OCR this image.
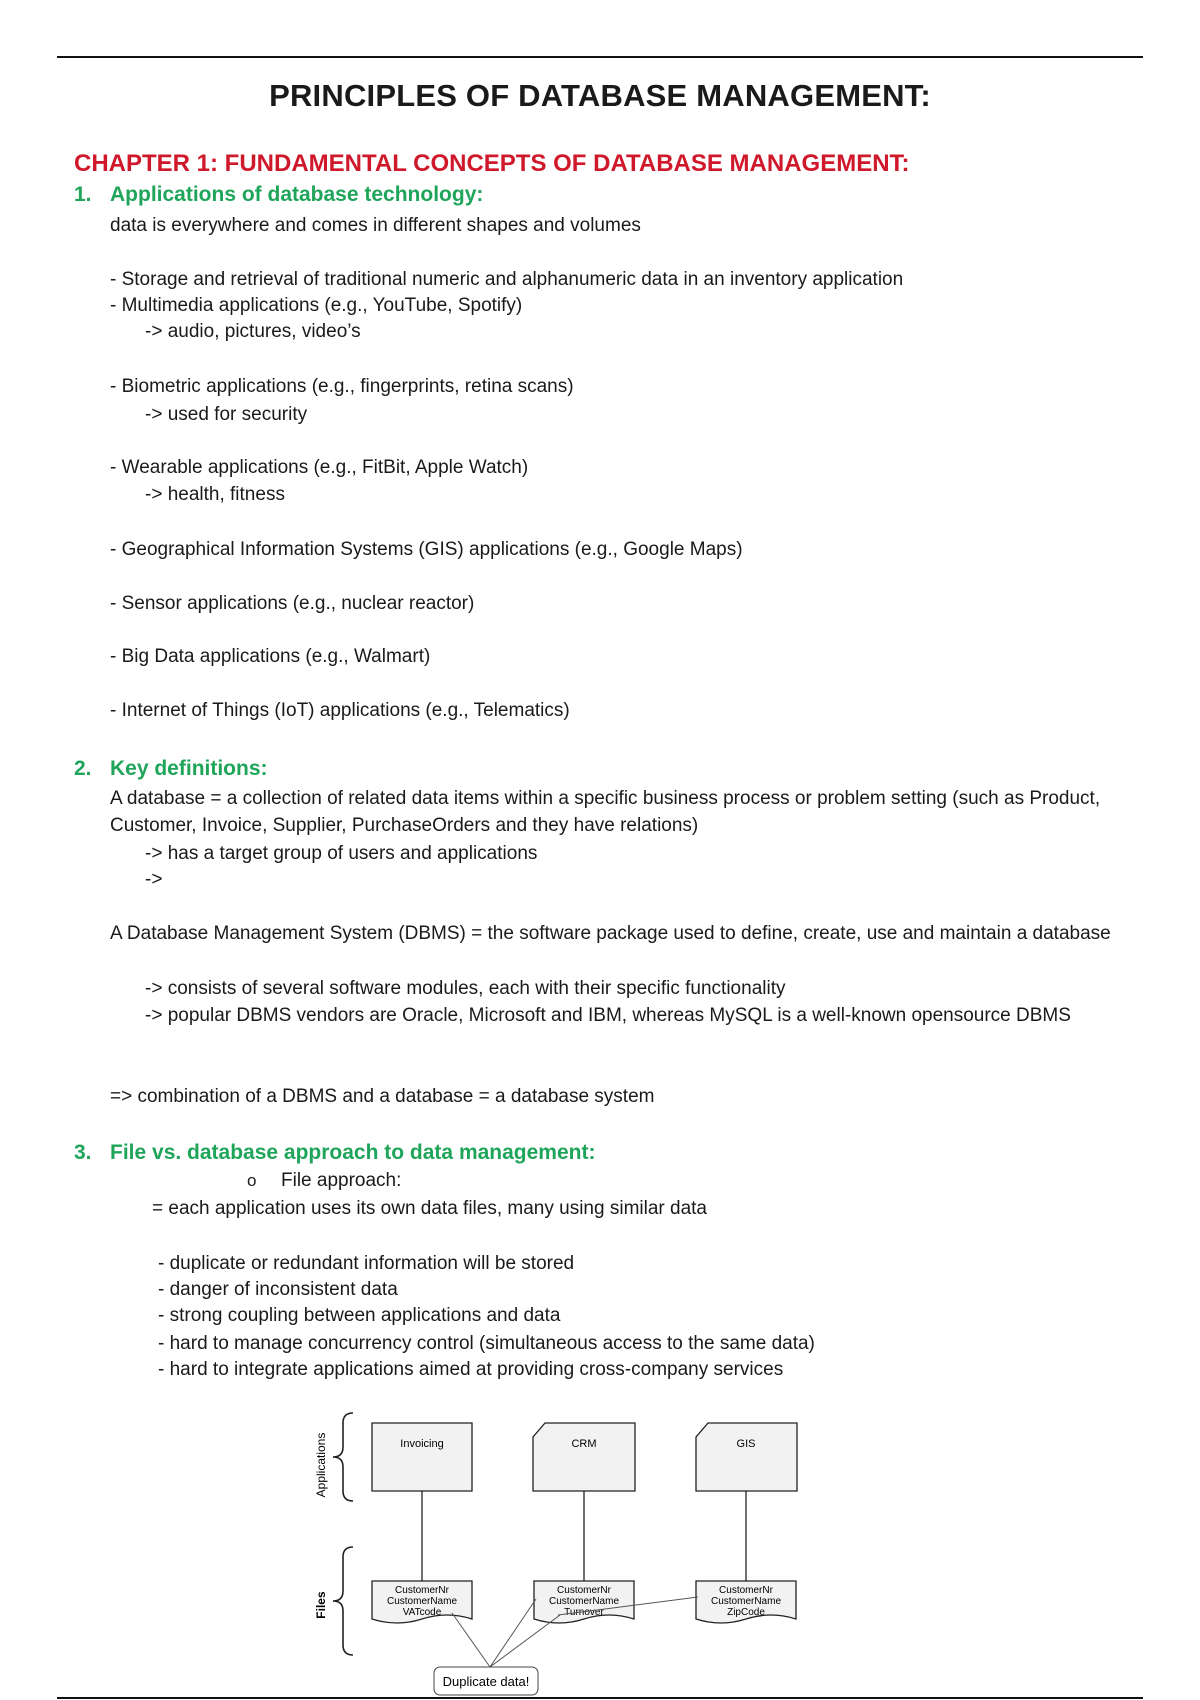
PRINCIPLES OF DATABASE MANAGEMENT:
CHAPTER 1: FUNDAMENTAL CONCEPTS OF DATABASE MANAGEMENT:
1. Applications of database technology:
data is everywhere and comes in different shapes and volumes
- Storage and retrieval of traditional numeric and alphanumeric data in an inventory application
- Multimedia applications (e.g., YouTube, Spotify)
-> audio, pictures, video’s
- Biometric applications (e.g., fingerprints, retina scans)
-> used for security
- Wearable applications (e.g., FitBit, Apple Watch)
-> health, fitness
- Geographical Information Systems (GIS) applications (e.g., Google Maps)
- Sensor applications (e.g., nuclear reactor)
- Big Data applications (e.g., Walmart)
- Internet of Things (IoT) applications (e.g., Telematics)
2. Key definitions:
A database = a collection of related data items within a specific business process or problem setting (such as Product, Customer, Invoice, Supplier, PurchaseOrders and they have relations)
-> has a target group of users and applications
->
A Database Management System (DBMS) = the software package used to define, create, use and maintain a database
-> consists of several software modules, each with their specific functionality
-> popular DBMS vendors are Oracle, Microsoft and IBM, whereas MySQL is a well-known opensource DBMS
=> combination of a DBMS and a database = a database system
3. File vs. database approach to data management:
o File approach:
= each application uses its own data files, many using similar data
- duplicate or redundant information will be stored
- danger of inconsistent data
- strong coupling between applications and data
- hard to manage concurrency control (simultaneous access to the same data)
- hard to integrate applications aimed at providing cross-company services
Applications
Files
Invoicing	CRM	GIS
CustomerNr
CustomerName
VATcode
CustomerNr
CustomerName
Turnover
CustomerNr
CustomerName
ZipCode
Duplicate data!
